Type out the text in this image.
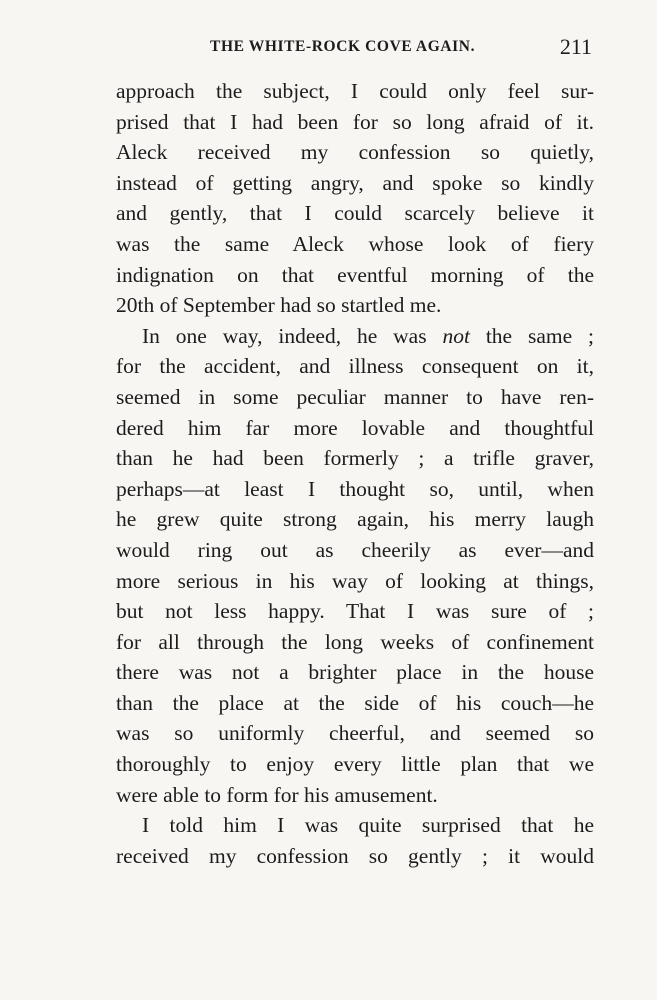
THE WHITE-ROCK COVE AGAIN.	211
approach the subject, I could only feel sur-
prised that I had been for so long afraid of it.
Aleck received my confession so quietly,
instead of getting angry, and spoke so kindly
and gently, that I could scarcely believe it
was the same Aleck whose look of fiery
indignation on that eventful morning of the
20th of September had so startled me.
In one way, indeed, he was not the same ;
for the accident, and illness consequent on it,
seemed in some peculiar manner to have ren-
dered him far more lovable and thoughtful
than he had been formerly ; a trifle graver,
perhaps—at least I thought so, until, when
he grew quite strong again, his merry laugh
would ring out as cheerily as ever—and
more serious in his way of looking at things,
but not less happy. That I was sure of ;
for all through the long weeks of confinement
there was not a brighter place in the house
than the place at the side of his couch—he
was so uniformly cheerful, and seemed so
thoroughly to enjoy every little plan that we
were able to form for his amusement.
I told him I was quite surprised that he
received my confession so gently ; it would
